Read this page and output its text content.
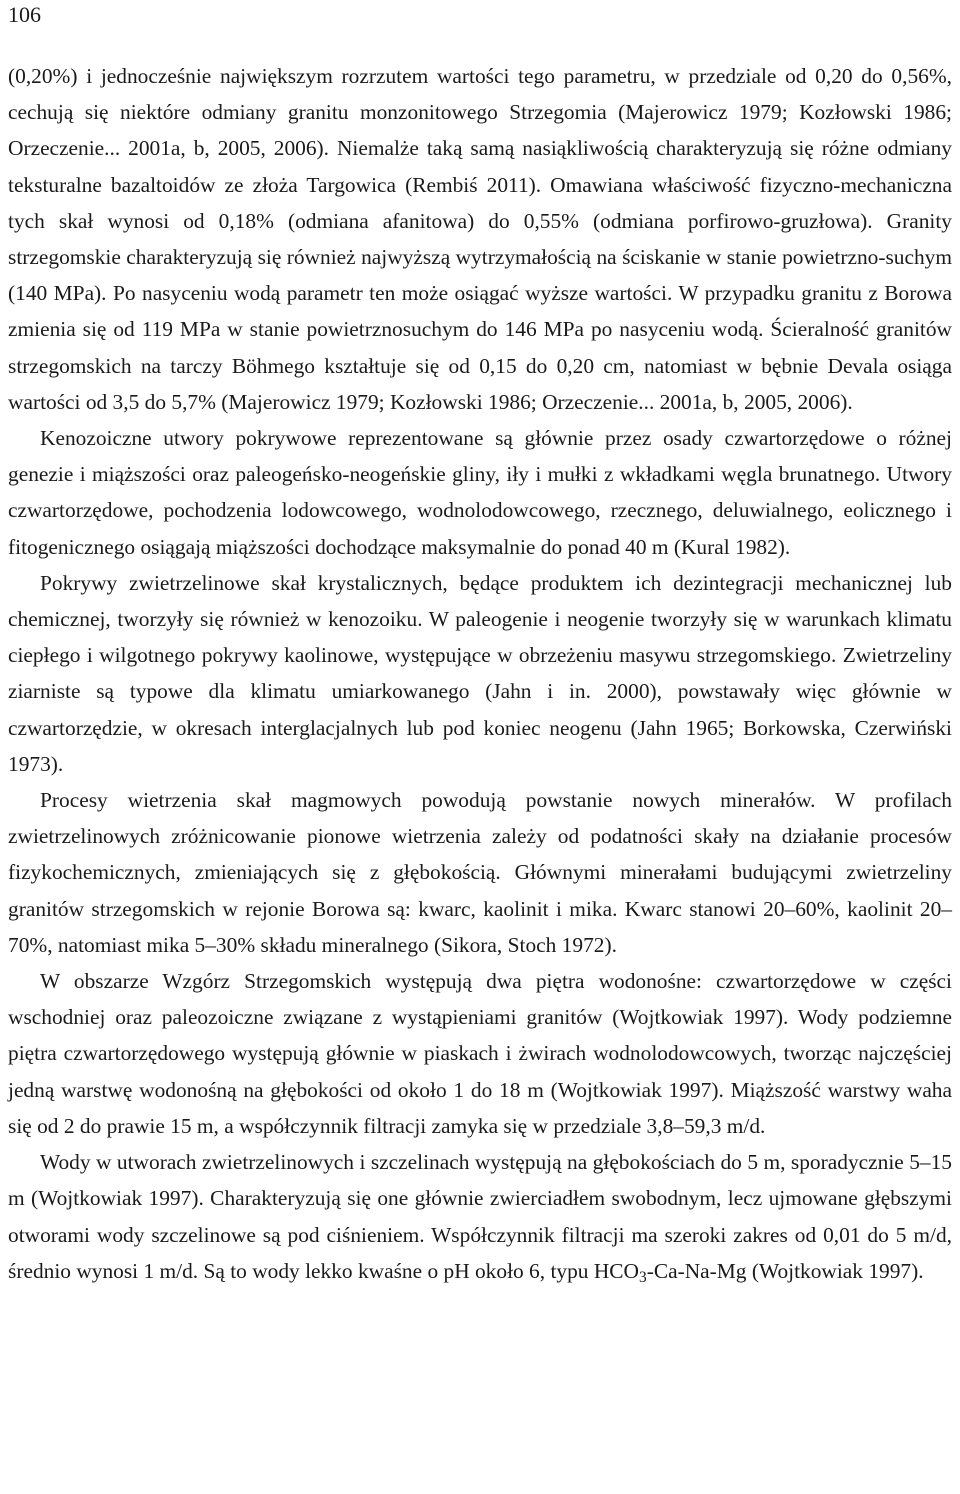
106

(0,20%) i jednocześnie największym rozrzutem wartości tego parametru, w przedziale od 0,20 do 0,56%, cechują się niektóre odmiany granitu monzonitowego Strzegomia (Majerowicz 1979; Kozłowski 1986; Orzeczenie... 2001a, b, 2005, 2006). Niemalże taką samą nasiąkliwością charakteryzują się różne odmiany teksturalne bazaltoidów ze złoża Targowica (Rembiś 2011). Omawiana właściwość fizyczno-mechaniczna tych skał wynosi od 0,18% (odmiana afanitowa) do 0,55% (odmiana porfirowo-gruzłowa). Granity strzegomskie charakteryzują się również najwyższą wytrzymałością na ściskanie w stanie powietrzno-suchym (140 MPa). Po nasyceniu wodą parametr ten może osiągać wyższe wartości. W przypadku granitu z Borowa zmienia się od 119 MPa w stanie powietrznosuchym do 146 MPa po nasyceniu wodą. Ścieralność granitów strzegomskich na tarczy Böhmego kształtuje się od 0,15 do 0,20 cm, natomiast w bębnie Devala osiąga wartości od 3,5 do 5,7% (Majerowicz 1979; Kozłowski 1986; Orzeczenie... 2001a, b, 2005, 2006).

Kenozoiczne utwory pokrywowe reprezentowane są głównie przez osady czwartorzędowe o różnej genezie i miąższości oraz paleogeńsko-neogeńskie gliny, iły i mułki z wkładkami węgla brunatnego. Utwory czwartorzędowe, pochodzenia lodowcowego, wodnolodowcowego, rzecznego, deluwialnego, eolicznego i fitogenicznego osiągają miąższości dochodzące maksymalnie do ponad 40 m (Kural 1982).

Pokrywy zwietrzelinowe skał krystalicznych, będące produktem ich dezintegracji mechanicznej lub chemicznej, tworzyły się również w kenozoiku. W paleogenie i neogenie tworzyły się w warunkach klimatu ciepłego i wilgotnego pokrywy kaolinowe, występujące w obrzeżeniu masywu strzegomskiego. Zwietrzeliny ziarniste są typowe dla klimatu umiarkowanego (Jahn i in. 2000), powstawały więc głównie w czwartorzędzie, w okresach interglacjalnych lub pod koniec neogenu (Jahn 1965; Borkowska, Czerwiński 1973).

Procesy wietrzenia skał magmowych powodują powstanie nowych minerałów. W profilach zwietrzelinowych zróżnicowanie pionowe wietrzenia zależy od podatności skały na działanie procesów fizykochemicznych, zmieniających się z głębokością. Głównymi minerałami budującymi zwietrzeliny granitów strzegomskich w rejonie Borowa są: kwarc, kaolinit i mika. Kwarc stanowi 20–60%, kaolinit 20–70%, natomiast mika 5–30% składu mineralnego (Sikora, Stoch 1972).

W obszarze Wzgórz Strzegomskich występują dwa piętra wodonośne: czwartorzędowe w części wschodniej oraz paleozoiczne związane z wystąpieniami granitów (Wojtkowiak 1997). Wody podziemne piętra czwartorzędowego występują głównie w piaskach i żwirach wodnolodowcowych, tworząc najczęściej jedną warstwę wodonośną na głębokości od około 1 do 18 m (Wojtkowiak 1997). Miąższość warstwy waha się od 2 do prawie 15 m, a współczynnik filtracji zamyka się w przedziale 3,8–59,3 m/d.

Wody w utworach zwietrzelinowych i szczelinach występują na głębokościach do 5 m, sporadycznie 5–15 m (Wojtkowiak 1997). Charakteryzują się one głównie zwierciadłem swobodnym, lecz ujmowane głębszymi otworami wody szczelinowe są pod ciśnieniem. Współczynnik filtracji ma szeroki zakres od 0,01 do 5 m/d, średnio wynosi 1 m/d. Są to wody lekko kwaśne o pH około 6, typu $HCO_3-Ca-Na-Mg$ (Wojtkowiak 1997).
